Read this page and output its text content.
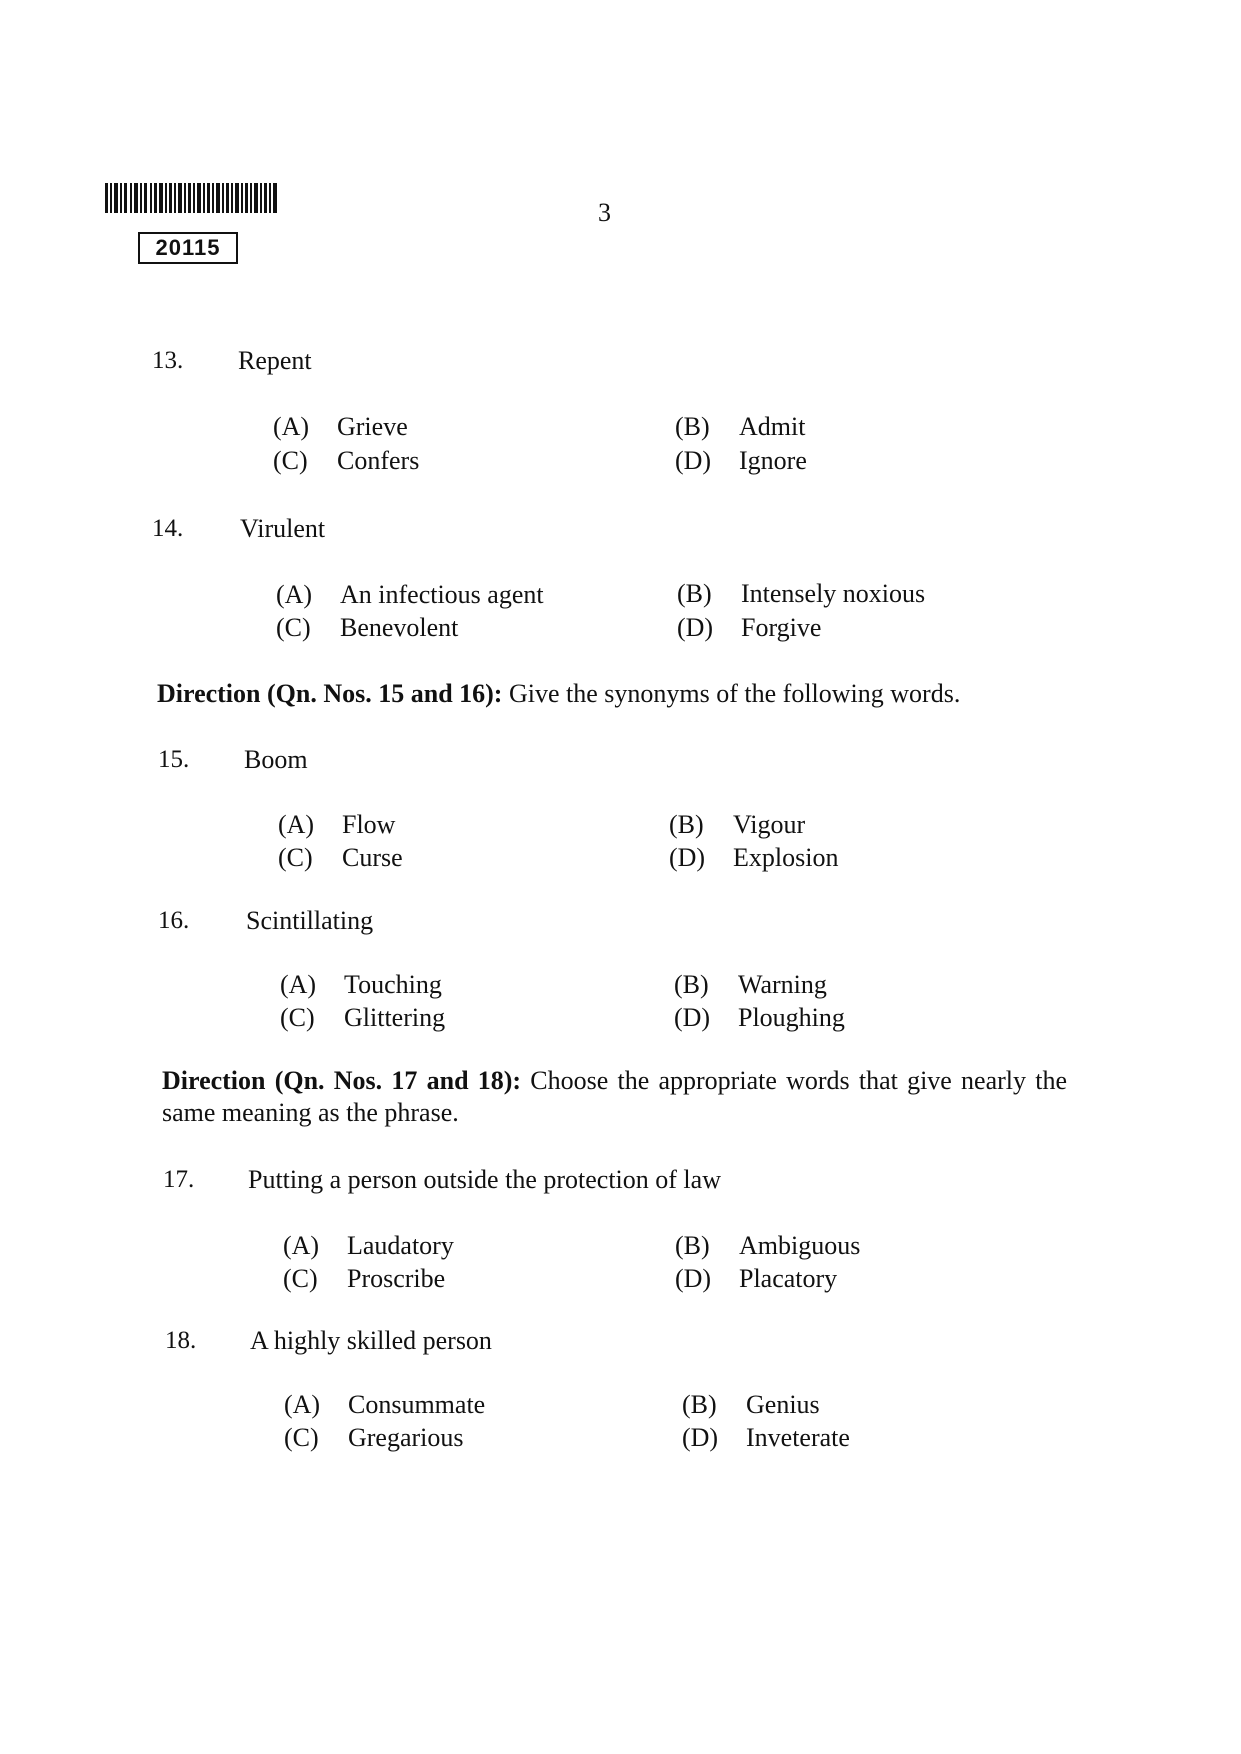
20115
3
13. Repent
(A) Grieve	(B) Admit
(C) Confers	(D) Ignore
14. Virulent
(A) An infectious agent	(B) Intensely noxious
(C) Benevolent	(D) Forgive
Direction (Qn. Nos. 15 and 16): Give the synonyms of the following words.
15. Boom
(A) Flow	(B) Vigour
(C) Curse	(D) Explosion
16. Scintillating
(A) Touching	(B) Warning
(C) Glittering	(D) Ploughing
Direction (Qn. Nos. 17 and 18): Choose the appropriate words that give nearly the same meaning as the phrase.
17. Putting a person outside the protection of law
(A) Laudatory	(B) Ambiguous
(C) Proscribe	(D) Placatory
18. A highly skilled person
(A) Consummate	(B) Genius
(C) Gregarious	(D) Inveterate
